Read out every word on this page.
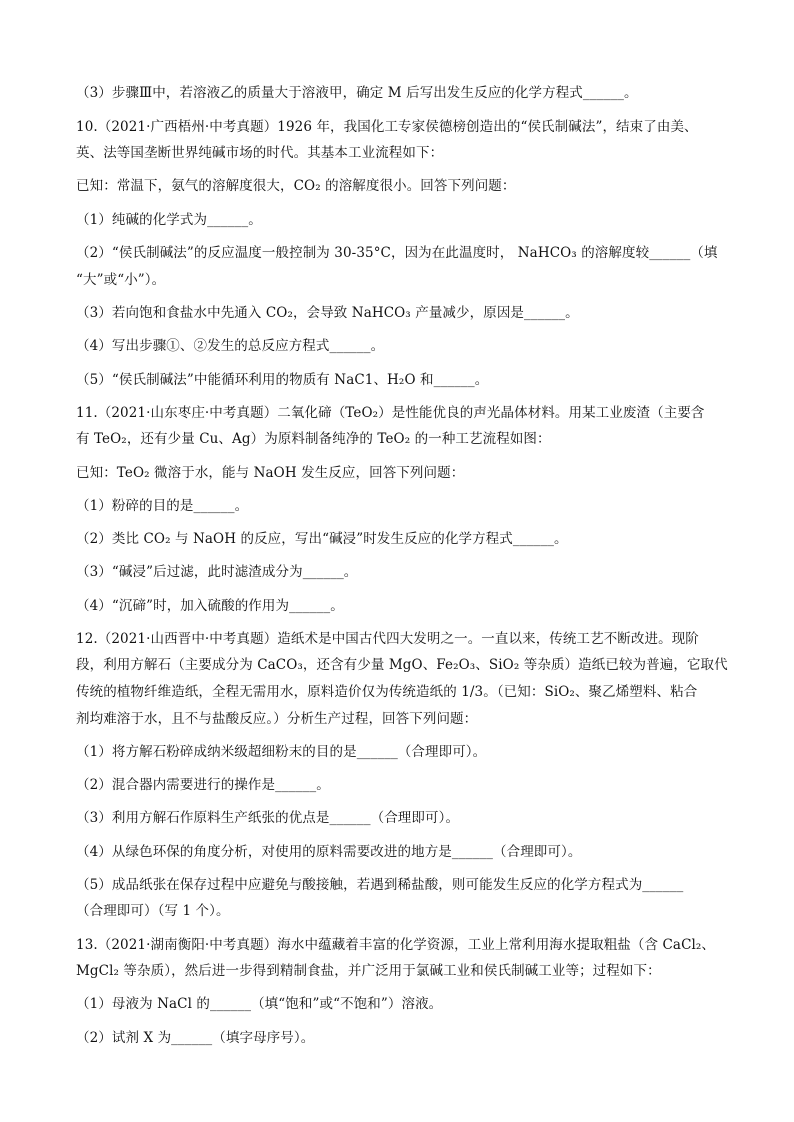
（3）步骤Ⅲ中，若溶液乙的质量大于溶液甲，确定 M 后写出发生反应的化学方程式______。
10.（2021·广西梧州·中考真题）1926 年，我国化工专家侯德榜创造出的“侯氏制碱法”，结束了由美、
英、法等国垄断世界纯碱市场的时代。其基本工业流程如下：
已知：常温下，氨气的溶解度很大，CO₂ 的溶解度很小。回答下列问题：
（1）纯碱的化学式为______。
（2）“侯氏制碱法”的反应温度一般控制为 30-35°C，因为在此温度时， NaHCO₃ 的溶解度较______（填
“大”或“小”）。
（3）若向饱和食盐水中先通入 CO₂，会导致 NaHCO₃ 产量减少，原因是______。
（4）写出步骤①、②发生的总反应方程式______。
（5）“侯氏制碱法”中能循环利用的物质有 NaC1、H₂O 和______。
11.（2021·山东枣庄·中考真题）二氧化碲（TeO₂）是性能优良的声光晶体材料。用某工业废渣（主要含
有 TeO₂，还有少量 Cu、Ag）为原料制备纯净的 TeO₂ 的一种工艺流程如图：
已知：TeO₂ 微溶于水，能与 NaOH 发生反应，回答下列问题：
（1）粉碎的目的是______。
（2）类比 CO₂ 与 NaOH 的反应，写出“碱浸”时发生反应的化学方程式______。
（3）“碱浸”后过滤，此时滤渣成分为______。
（4）“沉碲”时，加入硫酸的作用为______。
12.（2021·山西晋中·中考真题）造纸术是中国古代四大发明之一。一直以来，传统工艺不断改进。现阶
段，利用方解石（主要成分为 CaCO₃，还含有少量 MgO、Fe₂O₃、SiO₂ 等杂质）造纸已较为普遍，它取代
传统的植物纤维造纸，全程无需用水，原料造价仅为传统造纸的 1/3。（已知：SiO₂、聚乙烯塑料、粘合
剂均难溶于水，且不与盐酸反应。）分析生产过程，回答下列问题：
（1）将方解石粉碎成纳米级超细粉末的目的是______（合理即可）。
（2）混合器内需要进行的操作是______。
（3）利用方解石作原料生产纸张的优点是______（合理即可）。
（4）从绿色环保的角度分析，对使用的原料需要改进的地方是______（合理即可）。
（5）成品纸张在保存过程中应避免与酸接触，若遇到稀盐酸，则可能发生反应的化学方程式为______
（合理即可）（写 1 个）。
13.（2021·湖南衡阳·中考真题）海水中蕴藏着丰富的化学资源，工业上常利用海水提取粗盐（含 CaCl₂、
MgCl₂ 等杂质），然后进一步得到精制食盐，并广泛用于氯碱工业和侯氏制碱工业等；过程如下：
（1）母液为 NaCl 的______（填“饱和”或“不饱和”）溶液。
（2）试剂 X 为______（填字母序号）。
